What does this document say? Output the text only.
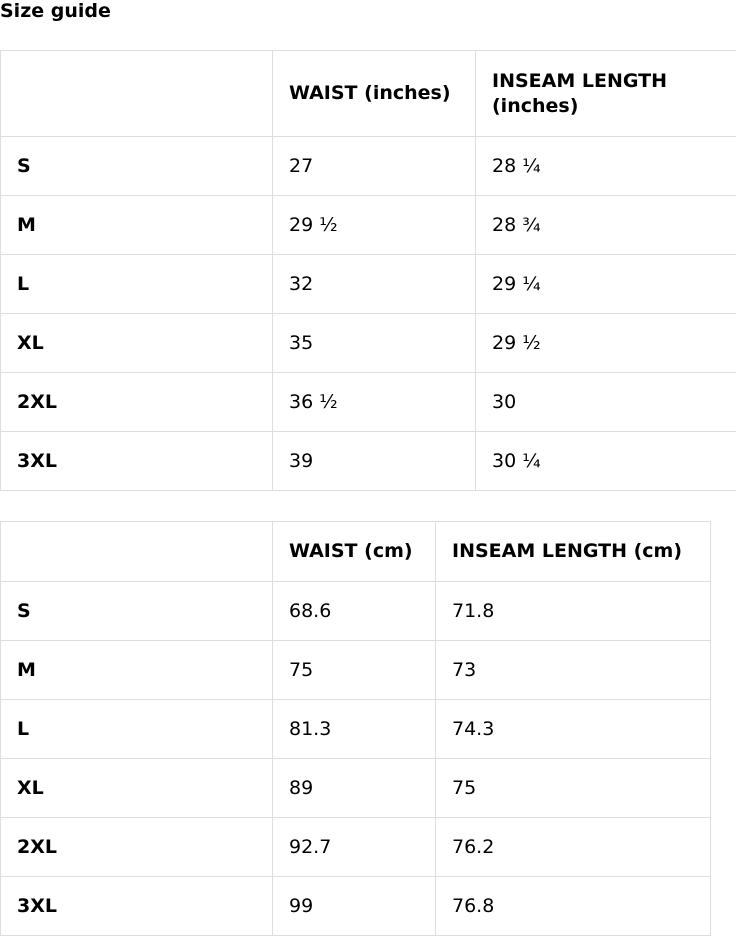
Size guide
	WAIST (inches)	INSEAM LENGTH (inches)
S	27	28 ¼
M	29 ½	28 ¾
L	32	29 ¼
XL	35	29 ½
2XL	36 ½	30
3XL	39	30 ¼
	WAIST (cm)	INSEAM LENGTH (cm)
S	68.6	71.8
M	75	73
L	81.3	74.3
XL	89	75
2XL	92.7	76.2
3XL	99	76.8
